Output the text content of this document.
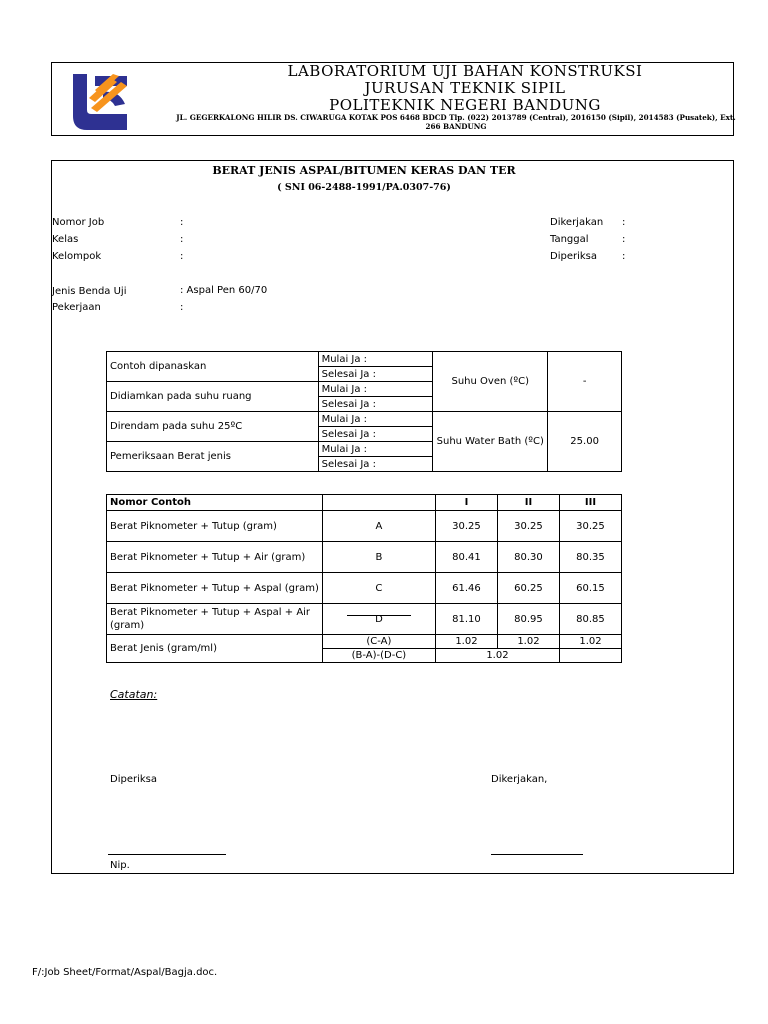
LABORATORIUM UJI BAHAN KONSTRUKSI
JURUSAN TEKNIK SIPIL
POLITEKNIK NEGERI BANDUNG
JL. GEGERKALONG HILIR DS. CIWARUGA KOTAK POS 6468 BDCD Tlp. (022) 2013789 (Central), 2016150 (Sipil), 2014583 (Pusatek), Ext. 266 BANDUNG
BERAT JENIS ASPAL/BITUMEN KERAS DAN TER
( SNI 06-2488-1991/PA.0307-76)
Nomor Job	:
Kelas	:
Kelompok	:
Jenis Benda Uji	: Aspal Pen 60/70
Pekerjaan	:
Dikerjakan :
Tanggal	:
Diperiksa	:
Contoh dipanaskan	Mulai Ja :	Suhu Oven (ºC)	-
	Selesai Ja :		
Didiamkan pada suhu ruang	Mulai Ja :		
	Selesai Ja :		
Direndam pada suhu 25ºC	Mulai Ja :	Suhu Water Bath (ºC)	25.00
	Selesai Ja :		
Pemeriksaan Berat jenis	Mulai Ja :		
	Selesai Ja :		
Nomor Contoh		I	II	III
Berat Piknometer + Tutup (gram)	A	30.25	30.25	30.25
Berat Piknometer + Tutup + Air (gram)	B	80.41	80.30	80.35
Berat Piknometer + Tutup + Aspal (gram)	C	61.46	60.25	60.15

Berat Piknometer + Tutup + Aspal + Air
(gram)	D	81.10	80.95	80.85
Berat Jenis (gram/ml)	(C-A)	1.02	1.02	1.02
	(B-A)-(D-C)	1.02		
Catatan:
Diperiksa	Dikerjakan,
Nip.
F/:Job Sheet/Format/Aspal/Bagja.doc.
